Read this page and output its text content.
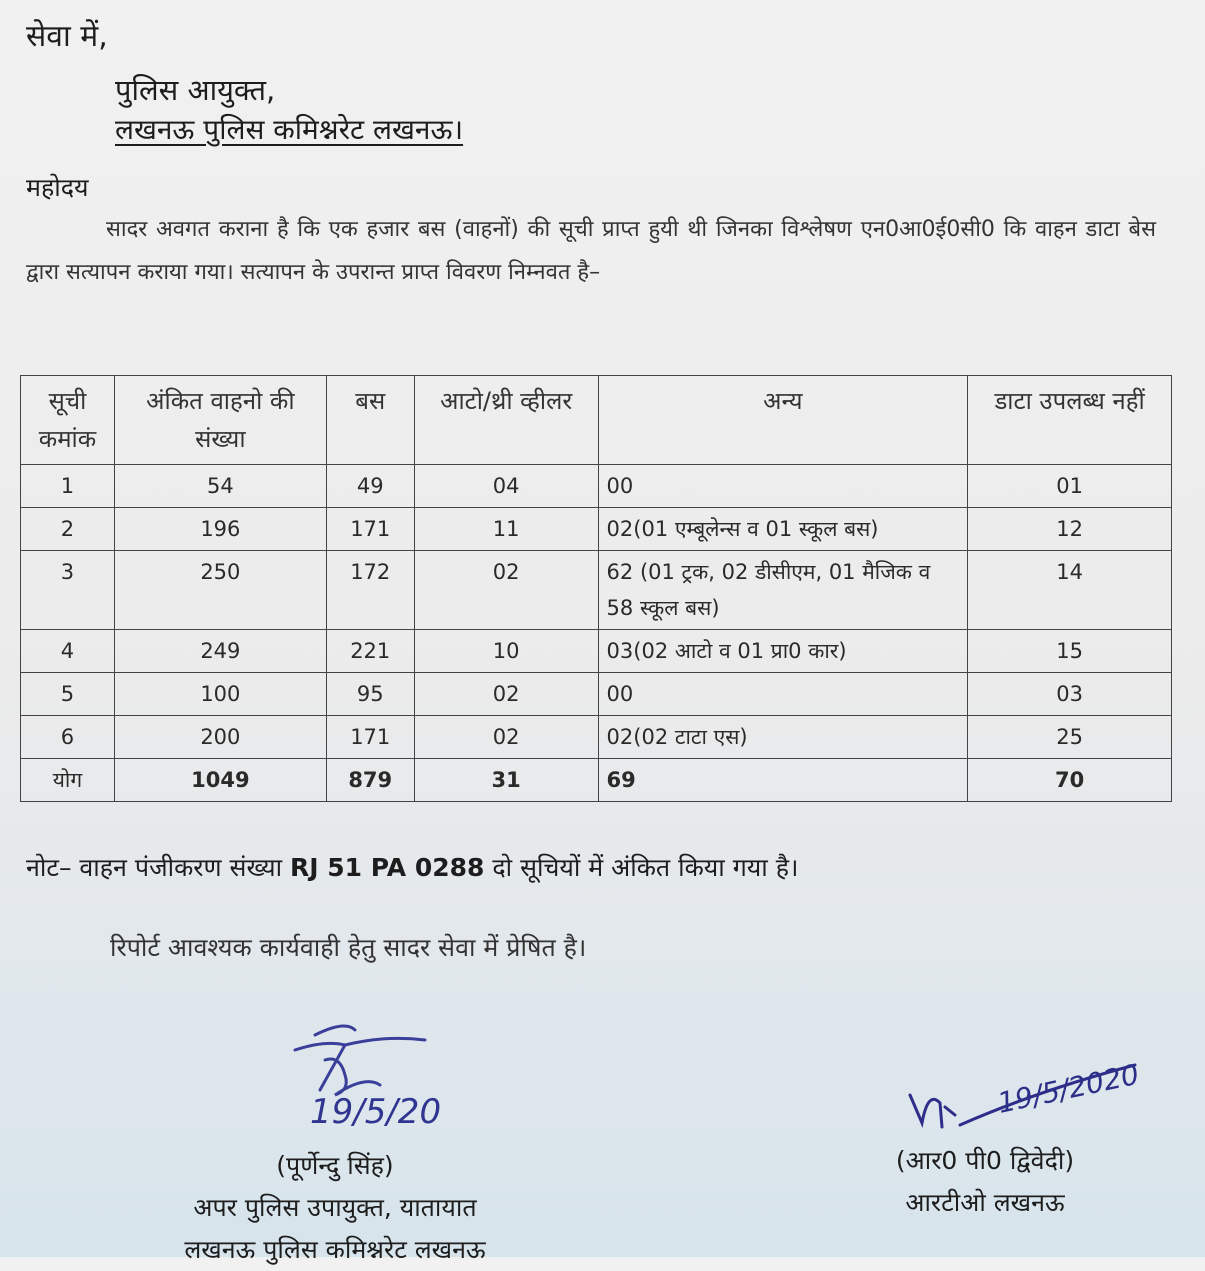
सेवा में,
पुलिस आयुक्त,
लखनऊ पुलिस कमिश्नरेट लखनऊ।
महोदय
सादर अवगत कराना है कि एक हजार बस (वाहनों) की सूची प्राप्त हुयी थी जिनका विश्लेषण एन0आ0ई0सी0 कि वाहन डाटा बेस द्वारा सत्यापन कराया गया। सत्यापन के उपरान्त प्राप्त विवरण निम्नवत है–
सूची कमांक	अंकित वाहनो की संख्या	बस	आटो/थ्री व्हीलर	अन्य	डाटा उपलब्ध नहीं
1	54	49	04	00	01
2	196	171	11	02(01 एम्बूलेन्स व 01 स्कूल बस)	12
3	250	172	02	62 (01 ट्रक, 02 डीसीएम, 01 मैजिक व 58 स्कूल बस)	14
4	249	221	10	03(02 आटो व 01 प्रा0 कार)	15
5	100	95	02	00	03
6	200	171	02	02(02 टाटा एस)	25
योग	1049	879	31	69	70
नोट– वाहन पंजीकरण संख्या RJ 51 PA 0288 दो सूचियों में अंकित किया गया है।
रिपोर्ट आवश्यक कार्यवाही हेतु सादर सेवा में प्रेषित है।
19/5/20
(पूर्णेन्दु सिंह)
अपर पुलिस उपायुक्त, यातायात
लखनऊ पुलिस कमिश्नरेट लखनऊ
19/5/2020
(आर0 पी0 द्विवेदी)
आरटीओ लखनऊ
